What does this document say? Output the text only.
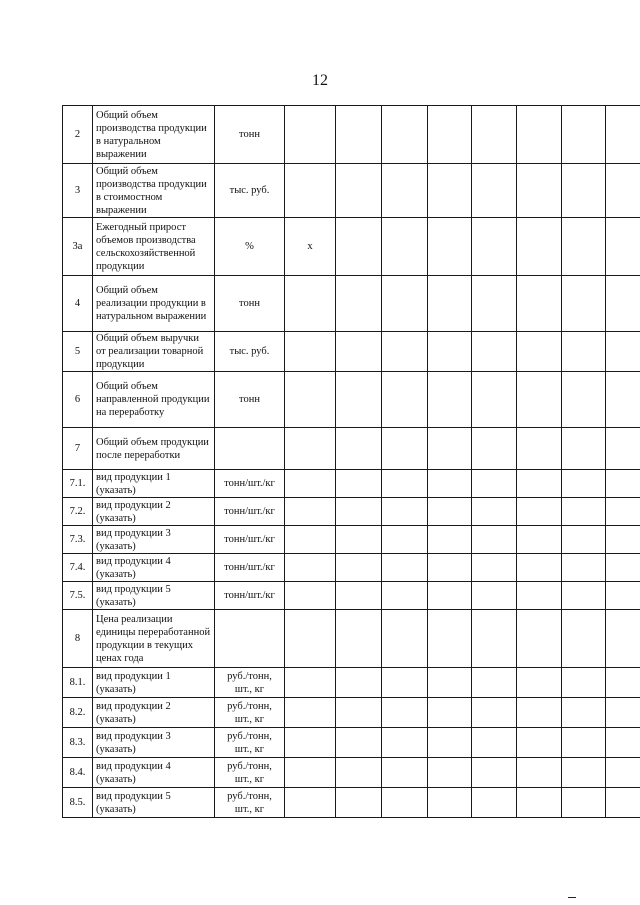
12
2	Общий объем производства продукции в натуральном выражении	тонн									
3	Общий объем производства продукции в стоимостном выражении	тыс. руб.									
3а	Ежегодный прирост объемов производства сельскохозяйственной продукции	%	x								
4	Общий объем реализации продукции в натуральном выражении	тонн									
5	Общий объем выручки от реализации товарной продукции	тыс. руб.									
6	Общий объем направленной продукции на переработку	тонн									
7	Общий объем продукции после переработки										
7.1.	вид продукции 1 (указать)	тонн/шт./кг									
7.2.	вид продукции 2 (указать)	тонн/шт./кг									
7.3.	вид продукции 3 (указать)	тонн/шт./кг									
7.4.	вид продукции 4 (указать)	тонн/шт./кг									
7.5.	вид продукции 5 (указать)	тонн/шт./кг									
8	Цена реализации единицы переработанной продукции в текущих ценах года										
8.1.	вид продукции 1 (указать)	руб./тонн, шт., кг									
8.2.	вид продукции 2 (указать)	руб./тонн, шт., кг									
8.3.	вид продукции 3 (указать)	руб./тонн, шт., кг									
8.4.	вид продукции 4 (указать)	руб./тонн, шт., кг									
8.5.	вид продукции 5 (указать)	руб./тонн, шт., кг									
